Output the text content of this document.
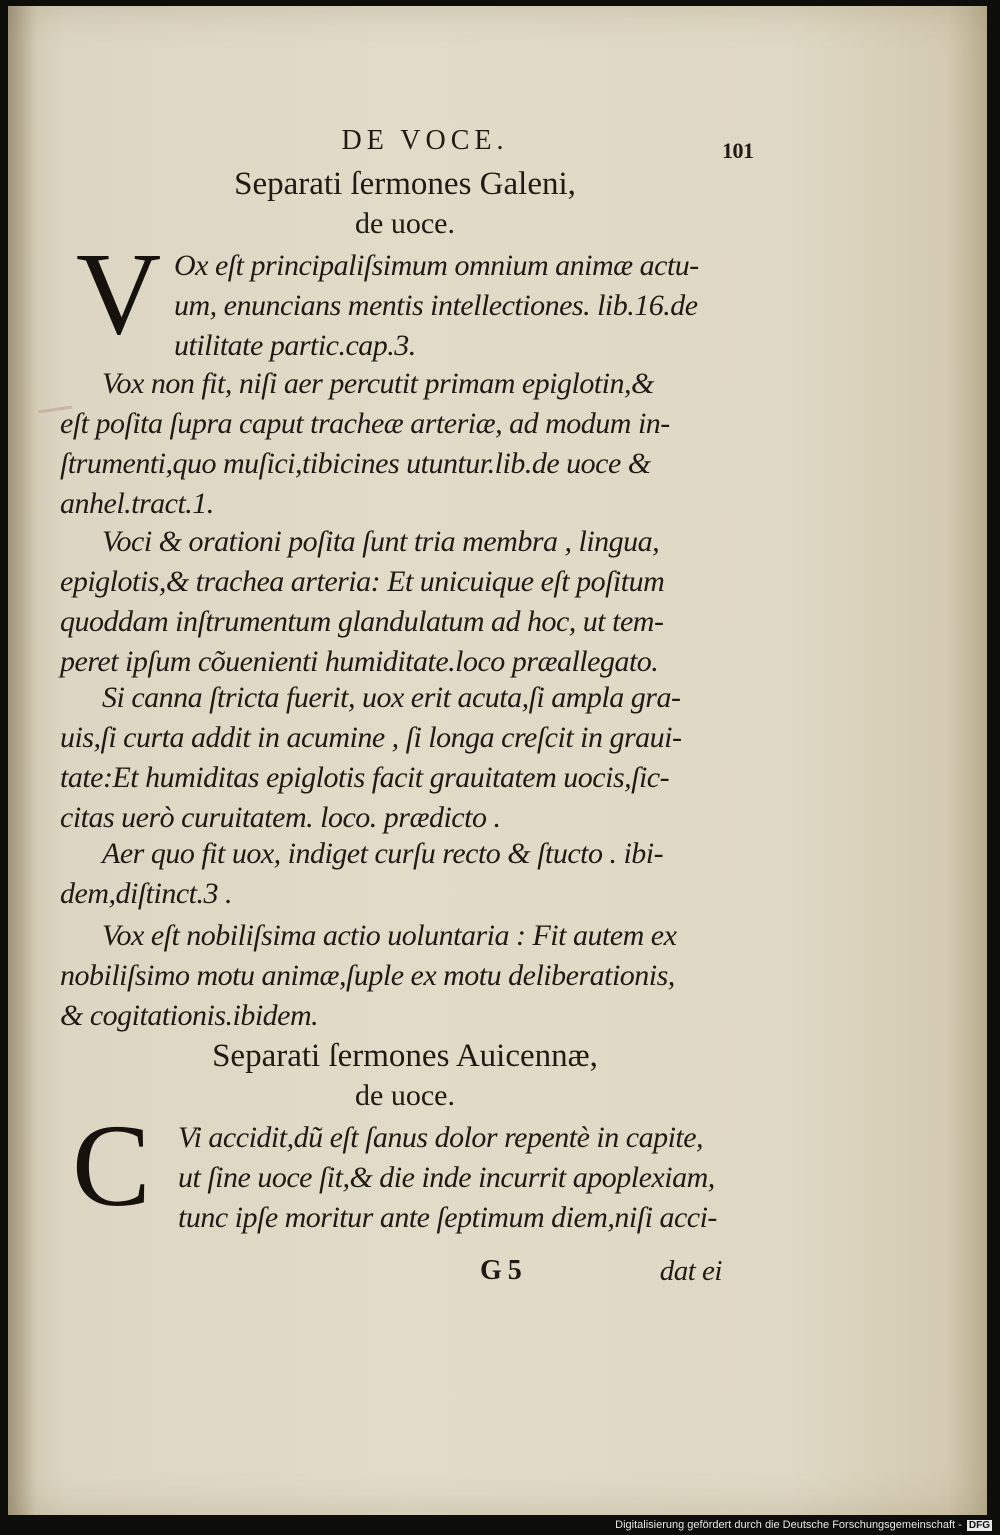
DE VOCE.	101
Separati ſermones Galeni,
de uoce.
V Ox eſt principaliſsimum omnium animæ actu-
um, enuncians mentis intellectiones. lib.16.de
utilitate partic.cap.3.
Vox non fit, niſi aer percutit primam epiglotin,&
eſt poſita ſupra caput tracheæ arteriæ, ad modum in-
ſtrumenti,quo muſici,tibicines utuntur.lib.de uoce &
anhel.tract.1.
Voci & orationi poſita ſunt tria membra , lingua,
epiglotis,& trachea arteria: Et unicuique eſt poſitum
quoddam inſtrumentum glandulatum ad hoc, ut tem-
peret ipſum cõuenienti humiditate.loco præallegato.
Si canna ſtricta fuerit, uox erit acuta,ſi ampla gra-
uis,ſi curta addit in acumine , ſi longa creſcit in graui-
tate:Et humiditas epiglotis facit grauitatem uocis,ſic-
citas uerò curuitatem. loco. prædicto .
Aer quo fit uox, indiget curſu recto & ſtucto . ibi-
dem,diſtinct.3 .
Vox eſt nobiliſsima actio uoluntaria : Fit autem ex
nobiliſsimo motu animæ,ſuple ex motu deliberationis,
& cogitationis.ibidem.
Separati ſermones Auicennæ,
de uoce.
C Vi accidit,dũ eſt ſanus dolor repentè in capite,
ut ſine uoce ſit,& die inde incurrit apoplexiam,
tunc ipſe moritur ante ſeptimum diem,niſi acci-
G 5	dat ei
Digitalisierung gefördert durch die Deutsche Forschungsgemeinschaft - DFG
